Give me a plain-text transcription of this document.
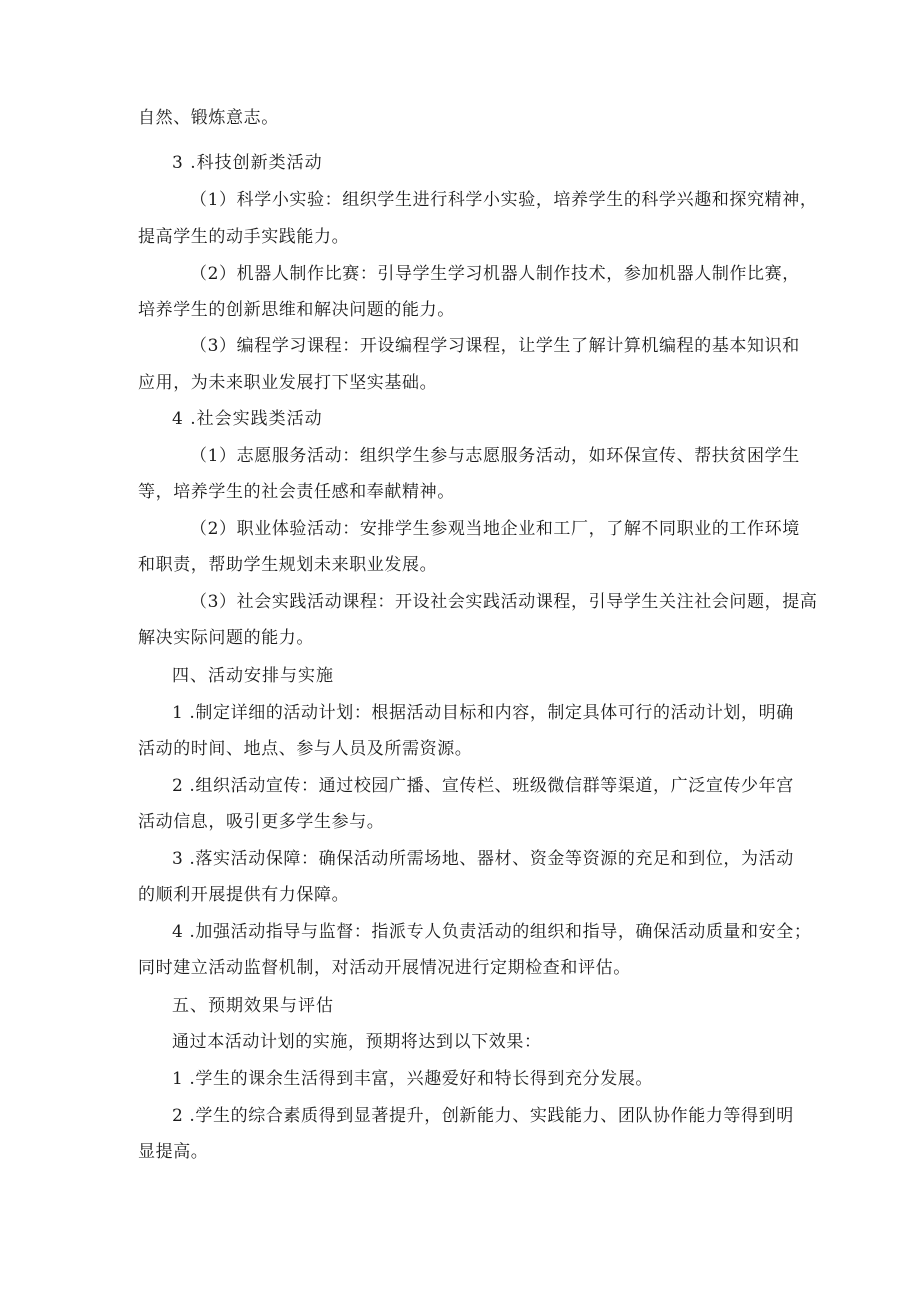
自然、锻炼意志。
3 .科技创新类活动
（1）科学小实验：组织学生进行科学小实验，培养学生的科学兴趣和探究精神，
提高学生的动手实践能力。
（2）机器人制作比赛：引导学生学习机器人制作技术，参加机器人制作比赛，
培养学生的创新思维和解决问题的能力。
（3）编程学习课程：开设编程学习课程，让学生了解计算机编程的基本知识和
应用，为未来职业发展打下坚实基础。
4 .社会实践类活动
（1）志愿服务活动：组织学生参与志愿服务活动，如环保宣传、帮扶贫困学生
等，培养学生的社会责任感和奉献精神。
（2）职业体验活动：安排学生参观当地企业和工厂，了解不同职业的工作环境
和职责，帮助学生规划未来职业发展。
（3）社会实践活动课程：开设社会实践活动课程，引导学生关注社会问题，提高
解决实际问题的能力。
四、活动安排与实施
1 .制定详细的活动计划：根据活动目标和内容，制定具体可行的活动计划，明确
活动的时间、地点、参与人员及所需资源。
2 .组织活动宣传：通过校园广播、宣传栏、班级微信群等渠道，广泛宣传少年宫
活动信息，吸引更多学生参与。
3 .落实活动保障：确保活动所需场地、器材、资金等资源的充足和到位，为活动
的顺利开展提供有力保障。
4 .加强活动指导与监督：指派专人负责活动的组织和指导，确保活动质量和安全；
同时建立活动监督机制，对活动开展情况进行定期检查和评估。
五、预期效果与评估
通过本活动计划的实施，预期将达到以下效果：
1 .学生的课余生活得到丰富，兴趣爱好和特长得到充分发展。
2 .学生的综合素质得到显著提升，创新能力、实践能力、团队协作能力等得到明
显提高。
